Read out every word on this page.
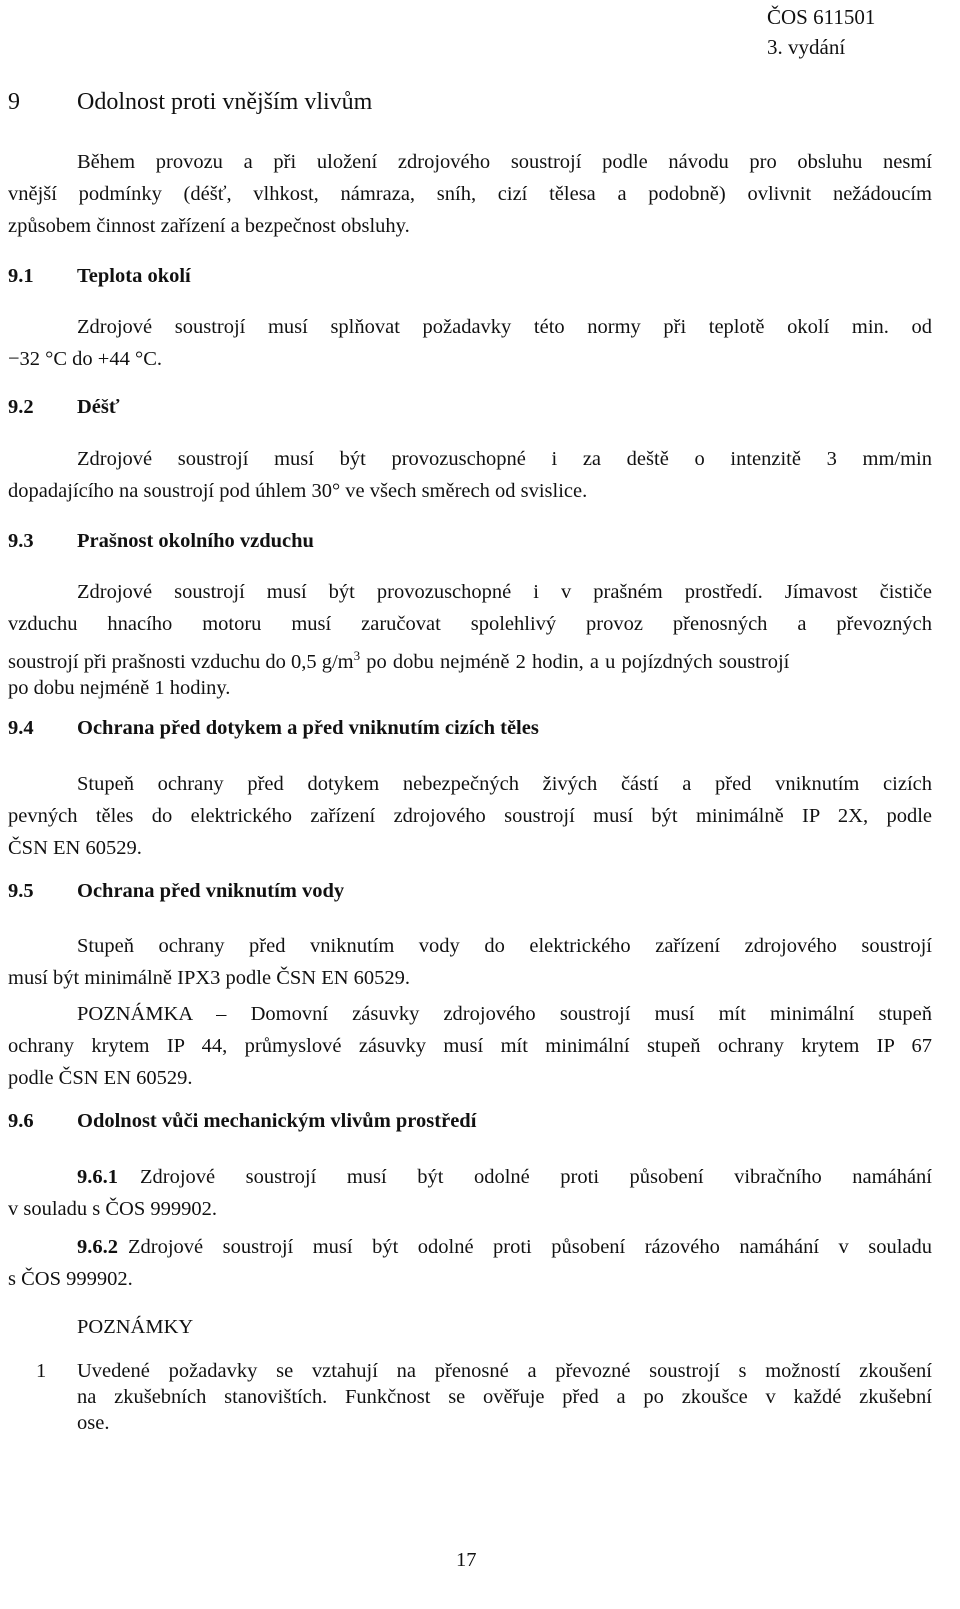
ČOS 611501
3. vydání
9 Odolnost proti vnějším vlivům
Během provozu a při uložení zdrojového soustrojí podle návodu pro obsluhu nesmí
vnější podmínky (déšť, vlhkost, námraza, sníh, cizí tělesa a podobně) ovlivnit nežádoucím
způsobem činnost zařízení a bezpečnost obsluhy.
9.1 Teplota okolí
Zdrojové soustrojí musí splňovat požadavky této normy při teplotě okolí min. od
−32 °C do +44 °C.
9.2 Déšť
Zdrojové soustrojí musí být provozuschopné i za deště o intenzitě 3 mm/min
dopadajícího na soustrojí pod úhlem 30° ve všech směrech od svislice.
9.3 Prašnost okolního vzduchu
Zdrojové soustrojí musí být provozuschopné i v prašném prostředí. Jímavost čističe
vzduchu hnacího motoru musí zaručovat spolehlivý provoz přenosných a převozných
soustrojí při prašnosti vzduchu do 0,5 $g/m^3$ po dobu nejméně 2 hodin, a u pojízdných soustrojí
po dobu nejméně 1 hodiny.
9.4 Ochrana před dotykem a před vniknutím cizích těles
Stupeň ochrany před dotykem nebezpečných živých částí a před vniknutím cizích
pevných těles do elektrického zařízení zdrojového soustrojí musí být minimálně IP 2X, podle
ČSN EN 60529.
9.5 Ochrana před vniknutím vody
Stupeň ochrany před vniknutím vody do elektrického zařízení zdrojového soustrojí
musí být minimálně IPX3 podle ČSN EN 60529.
POZNÁMKA – Domovní zásuvky zdrojového soustrojí musí mít minimální stupeň
ochrany krytem IP 44, průmyslové zásuvky musí mít minimální stupeň ochrany krytem IP 67
podle ČSN EN 60529.
9.6 Odolnost vůči mechanickým vlivům prostředí
9.6.1 Zdrojové soustrojí musí být odolné proti působení vibračního namáhání
v souladu s ČOS 999902.
9.6.2 Zdrojové soustrojí musí být odolné proti působení rázového namáhání v souladu
s ČOS 999902.
POZNÁMKY
1 Uvedené požadavky se vztahují na přenosné a převozné soustrojí s možností zkoušení
na zkušebních stanovištích. Funkčnost se ověřuje před a po zkoušce v každé zkušební
ose.
17
